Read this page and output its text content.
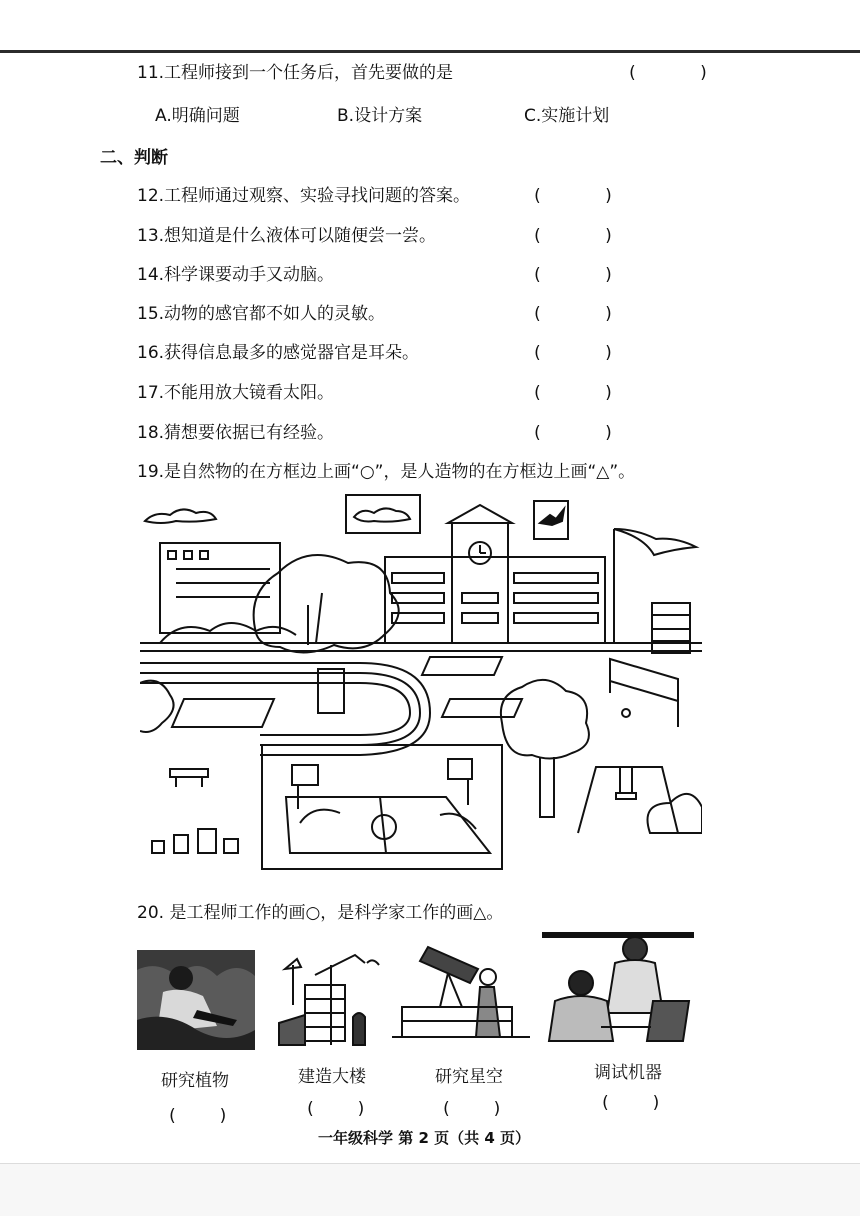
11.工程师接到一个任务后，首先要做的是	(      )
A.明确问题	B.设计方案	C.实施计划
二、判断
12.工程师通过观察、实验寻找问题的答案。	(      )
13.想知道是什么液体可以随便尝一尝。	(      )
14.科学课要动手又动脑。	(      )
15.动物的感官都不如人的灵敏。	(      )
16.获得信息最多的感觉器官是耳朵。	(      )
17.不能用放大镜看太阳。	(      )
18.猜想要依据已有经验。	(      )
19.是自然物的在方框边上画“○”，是人造物的在方框边上画“△”。
20. 是工程师工作的画○，是科学家工作的画△。
研究植物
(    )
建造大楼
(    )
研究星空
(    )
调试机器
(    )
一年级科学 第 2 页（共 4 页）
